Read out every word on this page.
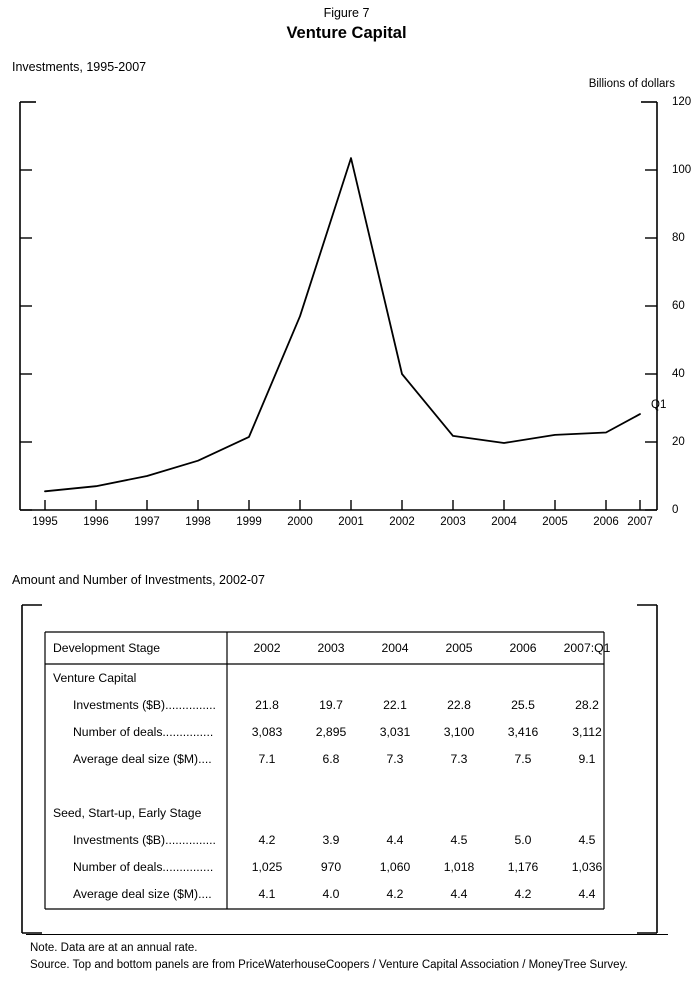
Figure 7
Venture Capital
Investments, 1995-2007
Billions of dollars
0
20
40
60
80
100
120
1995 1996 1997 1998 1999 2000 2001 2002 2003 2004 2005 2006 2007
Q1
Amount and Number of Investments, 2002-07
Development Stage	2002	2003	2004	2005	2006	2007:Q1
Venture Capital						
Investments ($B)...............	21.8	19.7	22.1	22.8	25.5	28.2
Number of deals...............	3,083	2,895	3,031	3,100	3,416	3,112
Average deal size ($M)....	7.1	6.8	7.3	7.3	7.5	9.1

Seed, Start-up, Early Stage						
Investments ($B)...............	4.2	3.9	4.4	4.5	5.0	4.5
Number of deals...............	1,025	970	1,060	1,018	1,176	1,036
Average deal size ($M)....	4.1	4.0	4.2	4.4	4.2	4.4

Note. Data are at an annual rate.
Source. Top and bottom panels are from PriceWaterhouseCoopers / Venture Capital Association / MoneyTree Survey.
